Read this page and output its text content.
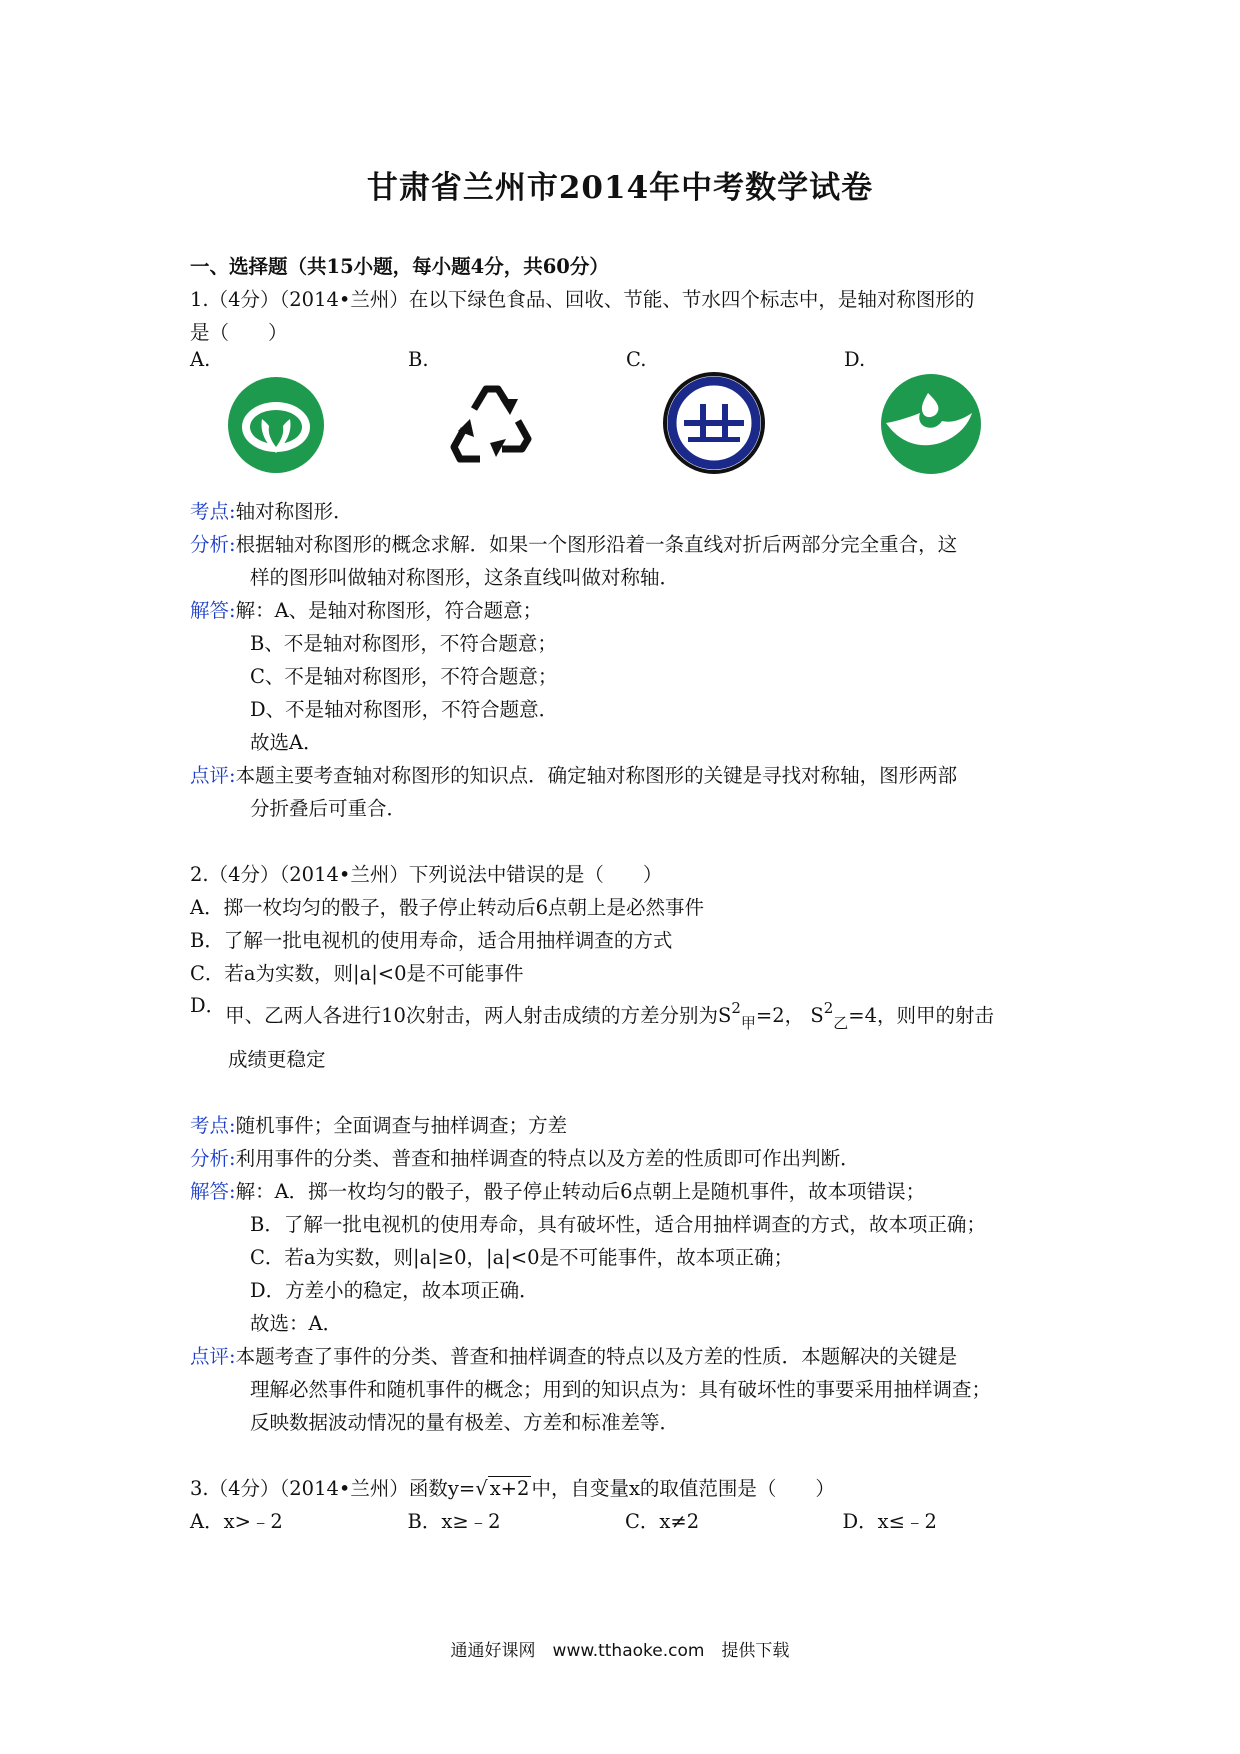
甘肃省兰州市2014年中考数学试卷
一、选择题（共15小题，每小题4分，共60分）
1.（4分）（2014•兰州）在以下绿色食品、回收、节能、节水四个标志中，是轴对称图形的
是（　　）
A.	B.	C.	D.
考点:轴对称图形．
分析:根据轴对称图形的概念求解．如果一个图形沿着一条直线对折后两部分完全重合，这
样的图形叫做轴对称图形，这条直线叫做对称轴．
解答:解：A、是轴对称图形，符合题意；
B、不是轴对称图形，不符合题意；
C、不是轴对称图形，不符合题意；
D、不是轴对称图形，不符合题意．
故选A．
点评:本题主要考查轴对称图形的知识点．确定轴对称图形的关键是寻找对称轴，图形两部
分折叠后可重合．
2.（4分）（2014•兰州）下列说法中错误的是（　　）
A．掷一枚均匀的骰子，骰子停止转动后6点朝上是必然事件
B．了解一批电视机的使用寿命，适合用抽样调查的方式
C．若a为实数，则|a|<0是不可能事件
D．甲、乙两人各进行10次射击，两人射击成绩的方差分别为$S^2_甲=2$， $S^2_乙=4$，则甲的射击
成绩更稳定
考点:随机事件；全面调查与抽样调查；方差
分析:利用事件的分类、普查和抽样调查的特点以及方差的性质即可作出判断．
解答:解：A．掷一枚均匀的骰子，骰子停止转动后6点朝上是随机事件，故本项错误；
B．了解一批电视机的使用寿命，具有破坏性，适合用抽样调查的方式，故本项正确；
C．若a为实数，则|a|≥0，|a|<0是不可能事件，故本项正确；
D．方差小的稳定，故本项正确．
故选：A．
点评:本题考查了事件的分类、普查和抽样调查的特点以及方差的性质．本题解决的关键是
理解必然事件和随机事件的概念；用到的知识点为：具有破坏性的事要采用抽样调查；
反映数据波动情况的量有极差、方差和标准差等．
3.（4分）（2014•兰州）函数y=√ x+2 中，自变量x的取值范围是（　　）
A．x>﹣2	B．x≥﹣2	C．x≠2	D．x≤﹣2
通通好课网　www.tthaoke.com　提供下载
